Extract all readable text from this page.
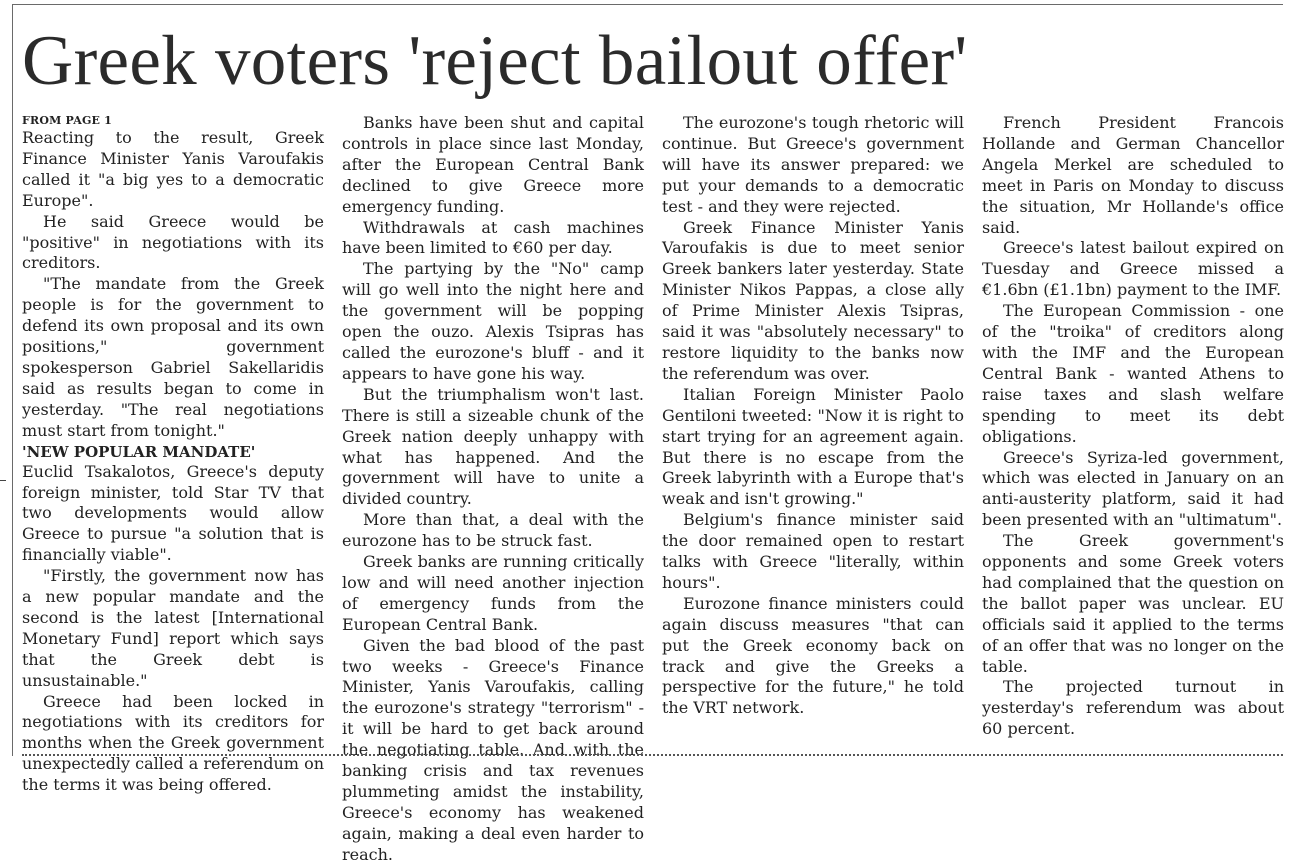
Greek voters 'reject bailout offer'
FROM PAGE 1

Reacting to the result, Greek Finance Minister Yanis Varoufakis called it "a big yes to a democratic Europe".

He said Greece would be "positive" in negotiations with its creditors.

"The mandate from the Greek people is for the government to defend its own proposal and its own positions," government spokesperson Gabriel Sakellaridis said as results began to come in yesterday. "The real negotiations must start from tonight."

'NEW POPULAR MANDATE'

Euclid Tsakalotos, Greece's deputy foreign minister, told Star TV that two developments would allow Greece to pursue "a solution that is financially viable".

"Firstly, the government now has a new popular mandate and the second is the latest [International Monetary Fund] report which says that the Greek debt is unsustainable."

Greece had been locked in negotiations with its creditors for months when the Greek government unexpectedly called a referendum on the terms it was being offered.

Banks have been shut and capital controls in place since last Monday, after the European Central Bank declined to give Greece more emergency funding.

Withdrawals at cash machines have been limited to €60 per day.

The partying by the "No" camp will go well into the night here and the government will be popping open the ouzo. Alexis Tsipras has called the eurozone's bluff - and it appears to have gone his way.

But the triumphalism won't last. There is still a sizeable chunk of the Greek nation deeply unhappy with what has happened. And the government will have to unite a divided country.

More than that, a deal with the eurozone has to be struck fast.

Greek banks are running critically low and will need another injection of emergency funds from the European Central Bank.

Given the bad blood of the past two weeks - Greece's Finance Minister, Yanis Varoufakis, calling the eurozone's strategy "terrorism" - it will be hard to get back around the negotiating table. And with the banking crisis and tax revenues plummeting amidst the instability, Greece's economy has weakened again, making a deal even harder to reach.

The eurozone's tough rhetoric will continue. But Greece's government will have its answer prepared: we put your demands to a democratic test - and they were rejected.

Greek Finance Minister Yanis Varoufakis is due to meet senior Greek bankers later yesterday. State Minister Nikos Pappas, a close ally of Prime Minister Alexis Tsipras, said it was "absolutely necessary" to restore liquidity to the banks now the referendum was over.

Italian Foreign Minister Paolo Gentiloni tweeted: "Now it is right to start trying for an agreement again. But there is no escape from the Greek labyrinth with a Europe that's weak and isn't growing."

Belgium's finance minister said the door remained open to restart talks with Greece "literally, within hours".

Eurozone finance ministers could again discuss measures "that can put the Greek economy back on track and give the Greeks a perspective for the future," he told the VRT network.

French President Francois Hollande and German Chancellor Angela Merkel are scheduled to meet in Paris on Monday to discuss the situation, Mr Hollande's office said.

Greece's latest bailout expired on Tuesday and Greece missed a €1.6bn (£1.1bn) payment to the IMF.

The European Commission - one of the "troika" of creditors along with the IMF and the European Central Bank - wanted Athens to raise taxes and slash welfare spending to meet its debt obligations.

Greece's Syriza-led government, which was elected in January on an anti-austerity platform, said it had been presented with an "ultimatum".

The Greek government's opponents and some Greek voters had complained that the question on the ballot paper was unclear. EU officials said it applied to the terms of an offer that was no longer on the table.

The projected turnout in yesterday's referendum was about 60 percent.
